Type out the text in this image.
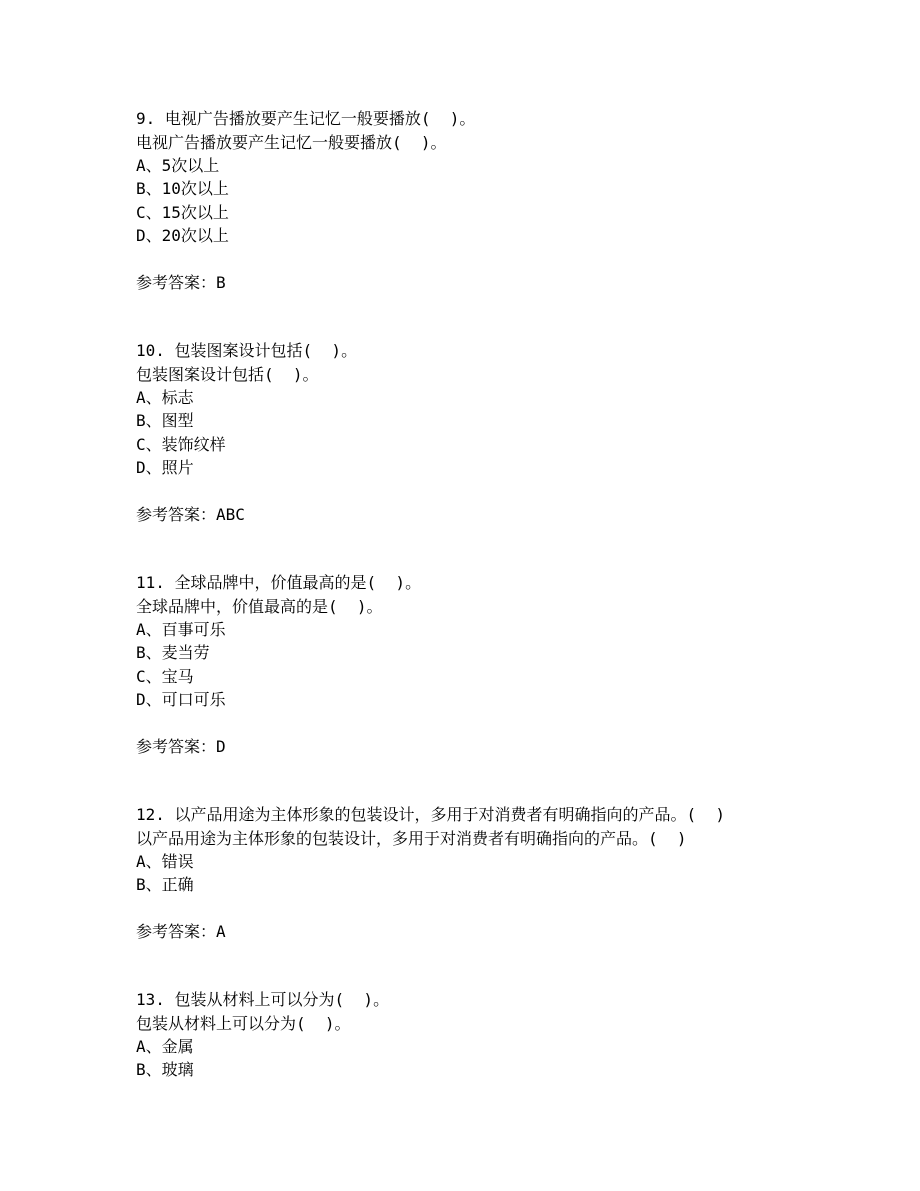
9. 电视广告播放要产生记忆一般要播放(  )。

电视广告播放要产生记忆一般要播放(  )。

A、5次以上

B、10次以上

C、15次以上

D、20次以上

参考答案：B

10. 包装图案设计包括(  )。

包装图案设计包括(  )。

A、标志

B、图型

C、装饰纹样

D、照片

参考答案：ABC

11. 全球品牌中，价值最高的是(  )。

全球品牌中，价值最高的是(  )。

A、百事可乐

B、麦当劳

C、宝马

D、可口可乐

参考答案：D

12. 以产品用途为主体形象的包装设计，多用于对消费者有明确指向的产品。(  )

以产品用途为主体形象的包装设计，多用于对消费者有明确指向的产品。(  )

A、错误

B、正确

参考答案：A

13. 包装从材料上可以分为(  )。

包装从材料上可以分为(  )。

A、金属

B、玻璃
